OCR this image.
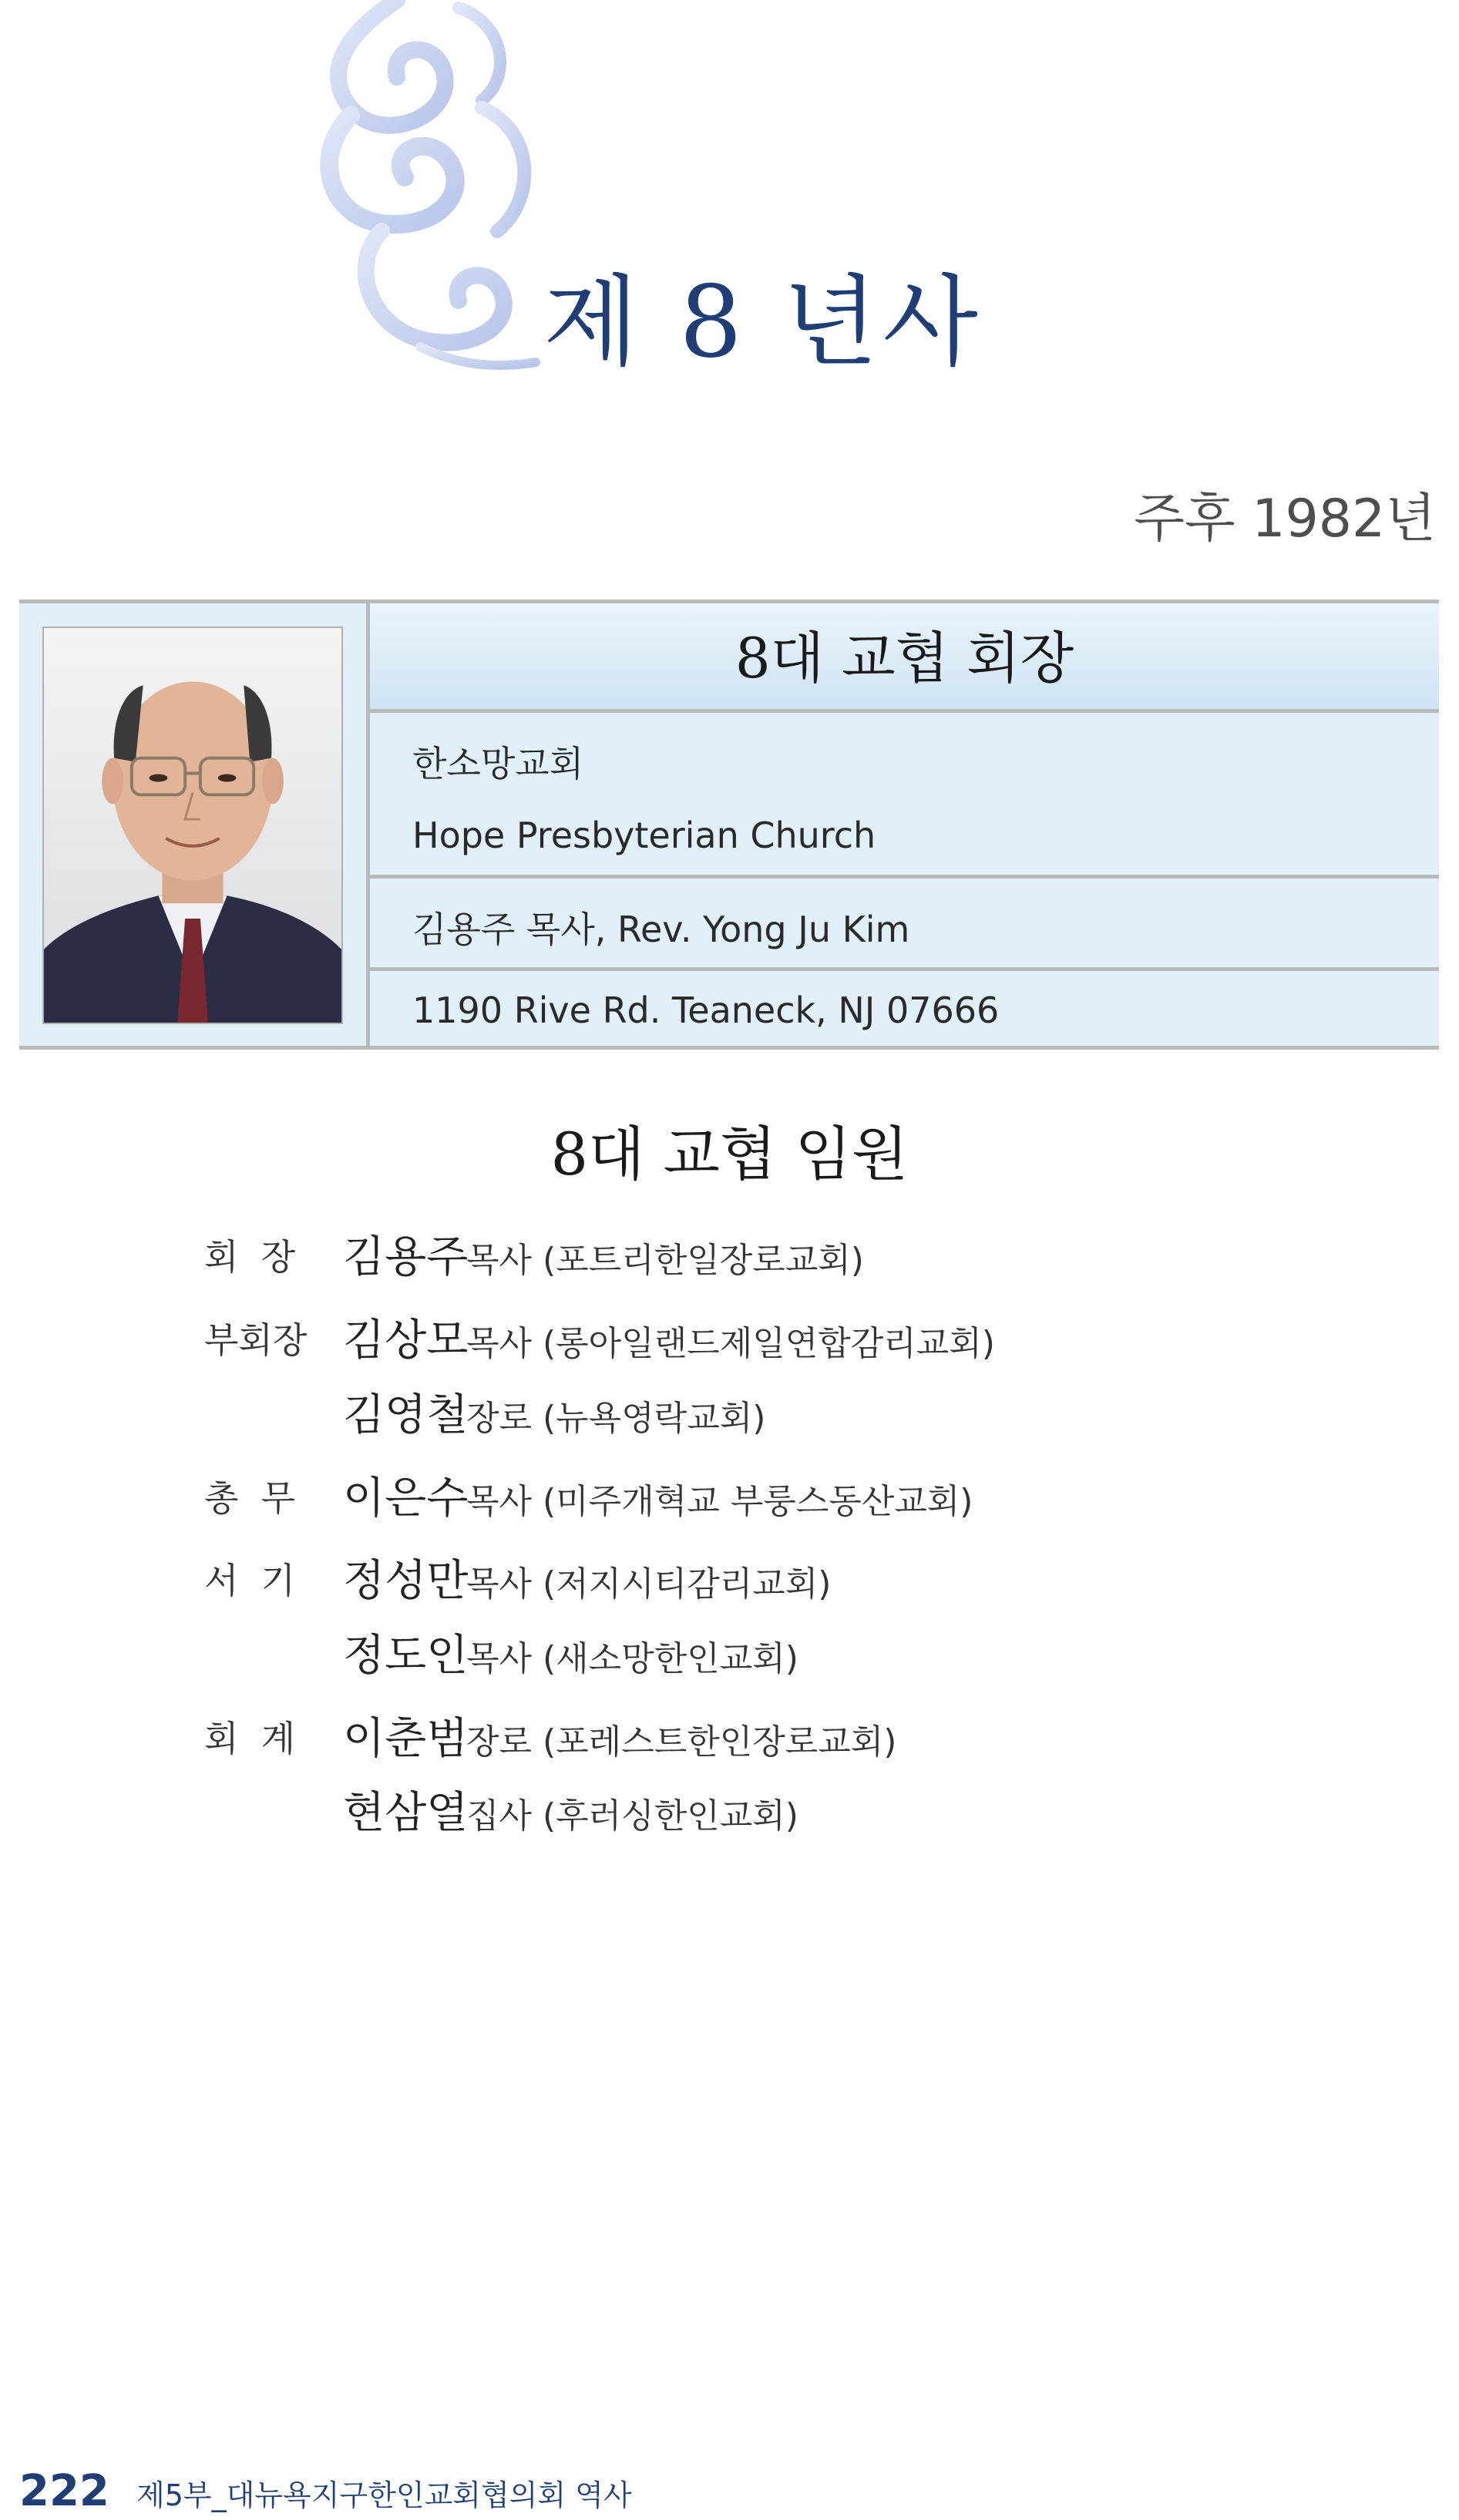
제 8 년사
주후 1982년
8대 교협 회장
한소망교회
Hope Presbyterian Church
김용주 목사, Rev. Yong Ju Kim
1190 Rive Rd. Teaneck, NJ 07666
8대 교협 임원
회  장 김용주
목사 (포트리한일장로교회)
부회장 김상모
목사 (롱아일랜드제일연합감리교회)
김영철
장로 (뉴욕영락교회)
총  무 이은수
목사 (미주개혁교 부룽스동산교회)
서  기 정성만
목사 (저지시티감리교회)
정도인
목사 (새소망한인교회)
회  계 이춘범
장로 (포레스트한인장로교회)
현삼열
집사 (후러싱한인교회)
222 제5부_대뉴욕지구한인교회협의회 역사
